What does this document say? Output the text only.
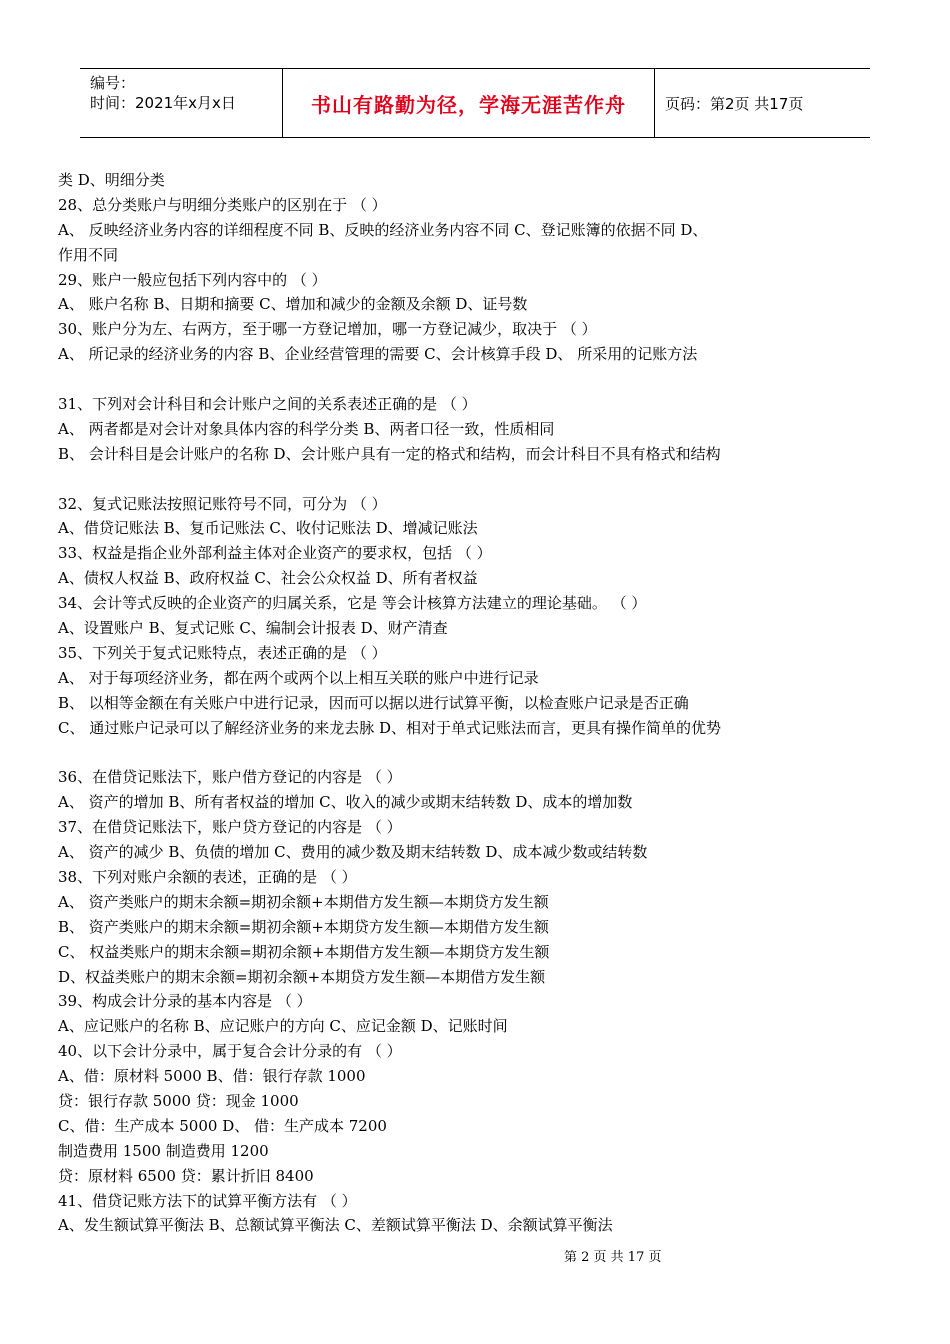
编号：
时间：2021年x月x日	书山有路勤为径，学海无涯苦作舟	页码：第2页 共17页
类 D、明细分类
28、总分类账户与明细分类账户的区别在于 （ ）
A、 反映经济业务内容的详细程度不同 B、反映的经济业务内容不同 C、登记账簿的依据不同 D、
作用不同
29、账户一般应包括下列内容中的 （ ）
A、 账户名称 B、日期和摘要 C、增加和减少的金额及余额 D、证号数
30、账户分为左、右两方，至于哪一方登记增加，哪一方登记减少，取决于 （ ）
A、 所记录的经济业务的内容 B、企业经营管理的需要 C、会计核算手段 D、 所采用的记账方法
31、下列对会计科目和会计账户之间的关系表述正确的是 （ ）
A、 两者都是对会计对象具体内容的科学分类 B、两者口径一致，性质相同
B、 会计科目是会计账户的名称 D、会计账户具有一定的格式和结构，而会计科目不具有格式和结构
32、复式记账法按照记账符号不同，可分为 （ ）
A、借贷记账法 B、复币记账法 C、收付记账法 D、增减记账法
33、权益是指企业外部利益主体对企业资产的要求权，包括 （ ）
A、债权人权益 B、政府权益 C、社会公众权益 D、所有者权益
34、会计等式反映的企业资产的归属关系，它是 等会计核算方法建立的理论基础。 （ ）
A、设置账户 B、复式记账 C、编制会计报表 D、财产清查
35、下列关于复式记账特点，表述正确的是 （ ）
A、 对于每项经济业务，都在两个或两个以上相互关联的账户中进行记录
B、 以相等金额在有关账户中进行记录，因而可以据以进行试算平衡，以检查账户记录是否正确
C、 通过账户记录可以了解经济业务的来龙去脉 D、相对于单式记账法而言，更具有操作简单的优势
36、在借贷记账法下，账户借方登记的内容是 （ ）
A、 资产的增加 B、所有者权益的增加 C、收入的减少或期末结转数 D、成本的增加数
37、在借贷记账法下，账户贷方登记的内容是 （ ）
A、 资产的减少 B、负债的增加 C、费用的减少数及期末结转数 D、成本减少数或结转数
38、下列对账户余额的表述，正确的是 （ ）
A、 资产类账户的期末余额=期初余额+本期借方发生额—本期贷方发生额
B、 资产类账户的期末余额=期初余额+本期贷方发生额—本期借方发生额
C、 权益类账户的期末余额=期初余额+本期借方发生额—本期贷方发生额
D、权益类账户的期末余额=期初余额+本期贷方发生额—本期借方发生额
39、构成会计分录的基本内容是 （ ）
A、应记账户的名称 B、应记账户的方向 C、应记金额 D、记账时间
40、以下会计分录中，属于复合会计分录的有 （ ）
A、借：原材料 5000 B、借：银行存款 1000
贷：银行存款 5000 贷：现金 1000
C、借：生产成本 5000 D、 借：生产成本 7200
制造费用 1500 制造费用 1200
贷：原材料 6500 贷：累计折旧 8400
41、借贷记账方法下的试算平衡方法有 （ ）
A、发生额试算平衡法 B、总额试算平衡法 C、差额试算平衡法 D、余额试算平衡法
第 2 页 共 17 页
